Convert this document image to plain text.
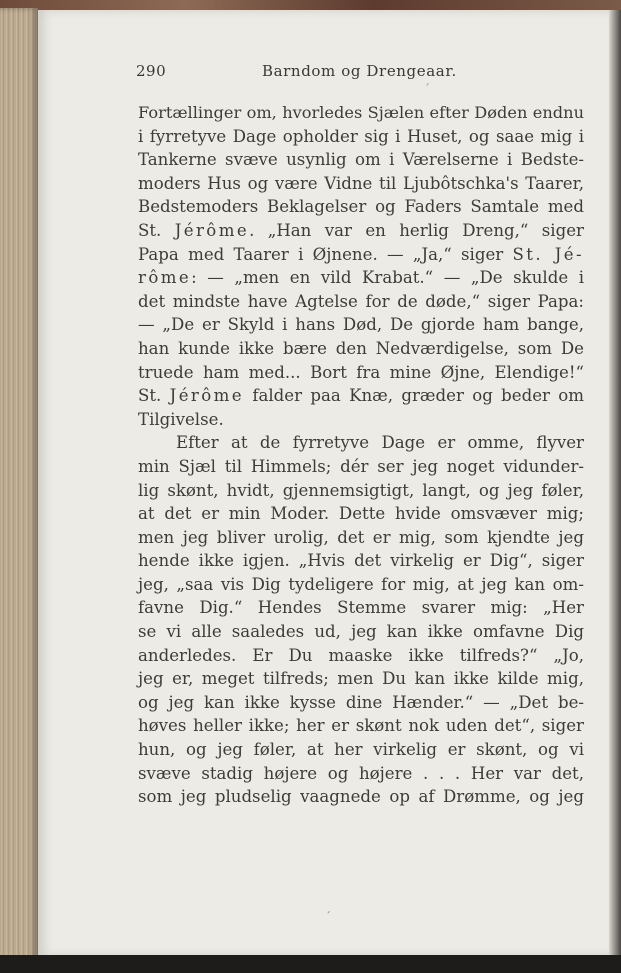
290	Barndom og Drengeaar.
´
´
Fortællinger om, hvorledes Sjælen efter Døden endnu
i fyrretyve Dage opholder sig i Huset, og saae mig i
Tankerne svæve usynlig om i Værelserne i Bedste-
moders Hus og være Vidne til Ljubôtschka's Taarer,
Bedstemoders Beklagelser og Faders Samtale med
St. Jérôme. „Han var en herlig Dreng,“ siger
Papa med Taarer i Øjnene. — „Ja,“ siger St. Jé-
rôme: — „men en vild Krabat.“ — „De skulde i
det mindste have Agtelse for de døde,“ siger Papa:
— „De er Skyld i hans Død, De gjorde ham bange,
han kunde ikke bære den Nedværdigelse, som De
truede ham med... Bort fra mine Øjne, Elendige!“
St. Jérôme falder paa Knæ, græder og beder om
Tilgivelse.
Efter at de fyrretyve Dage er omme, flyver
min Sjæl til Himmels; dér ser jeg noget vidunder-
lig skønt, hvidt, gjennemsigtigt, langt, og jeg føler,
at det er min Moder. Dette hvide omsvæver mig;
men jeg bliver urolig, det er mig, som kjendte jeg
hende ikke igjen. „Hvis det virkelig er Dig“, siger
jeg, „saa vis Dig tydeligere for mig, at jeg kan om-
favne Dig.“ Hendes Stemme svarer mig: „Her
se vi alle saaledes ud, jeg kan ikke omfavne Dig
anderledes. Er Du maaske ikke tilfreds?“ „Jo,
jeg er, meget tilfreds; men Du kan ikke kilde mig,
og jeg kan ikke kysse dine Hænder.“ — „Det be-
høves heller ikke; her er skønt nok uden det“, siger
hun, og jeg føler, at her virkelig er skønt, og vi
svæve stadig højere og højere . . . Her var det,
som jeg pludselig vaagnede op af Drømme, og jeg
